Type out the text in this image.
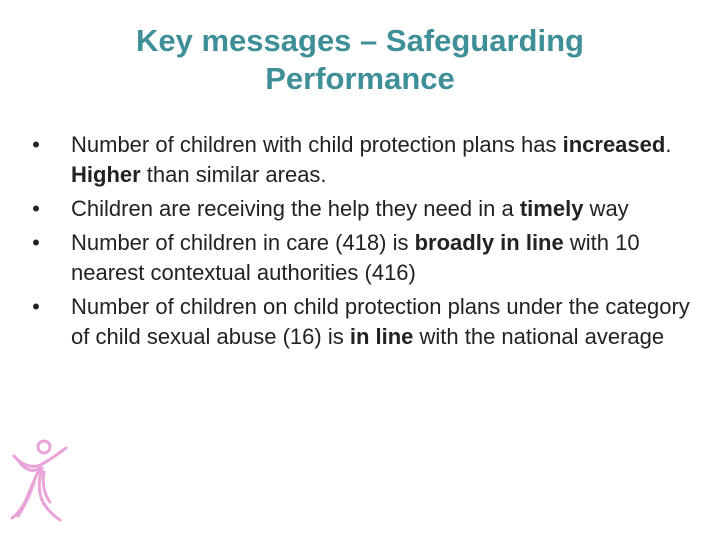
Key messages – Safeguarding
Performance
• Number of children with child protection plans has increased. Higher than similar areas.
• Children are receiving the help they need in a timely way
• Number of children in care (418) is broadly in line with 10 nearest contextual authorities (416)
• Number of children on child protection plans under the category of child sexual abuse (16) is in line with the national average
